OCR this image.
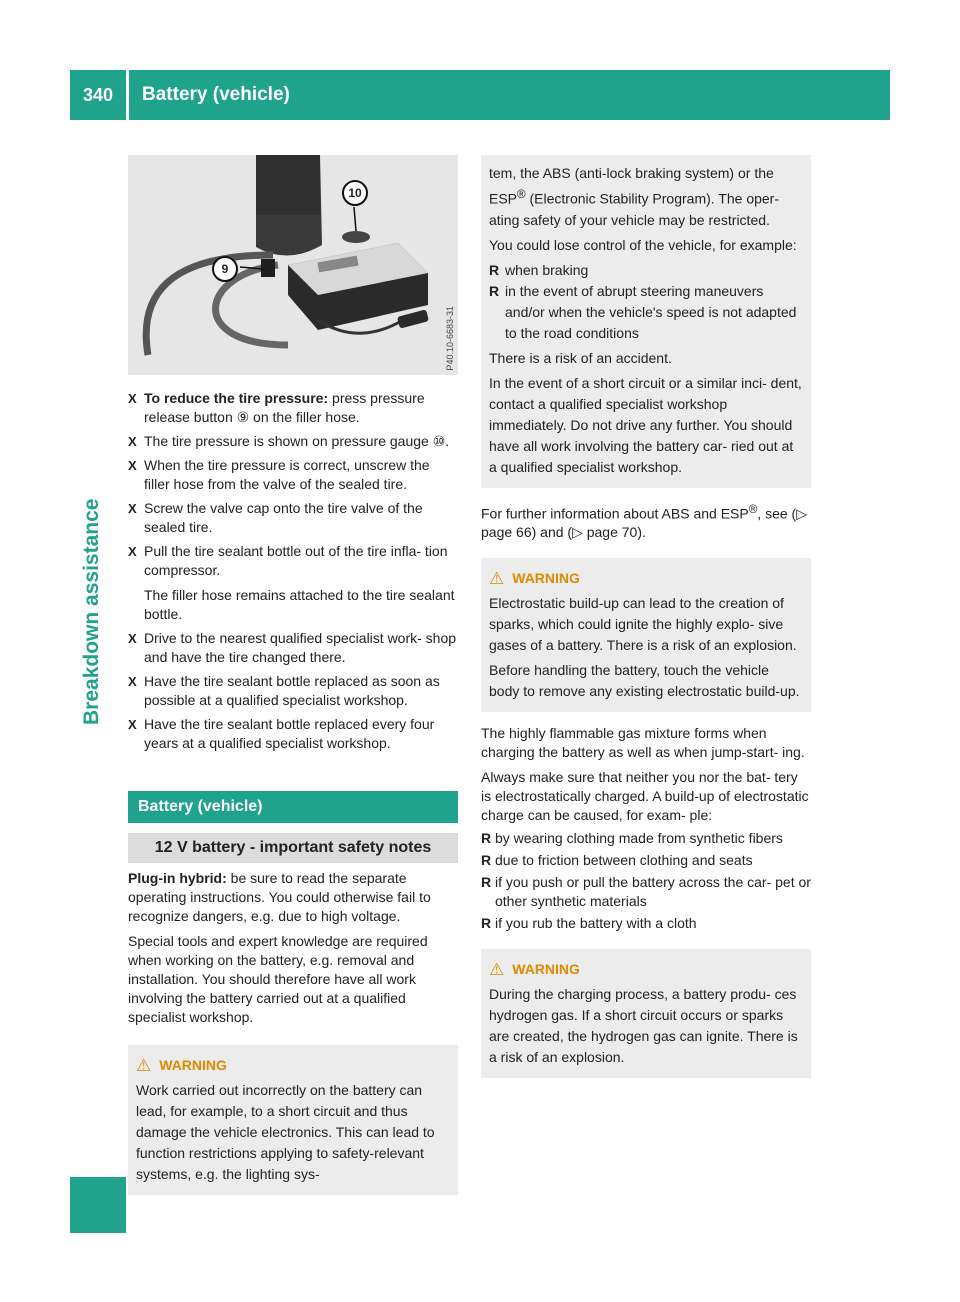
340	Battery (vehicle)
Breakdown assistance
9
10
P40.10-6683-31
X To reduce the tire pressure: press pressure release button ⑨ on the filler hose.
X The tire pressure is shown on pressure gauge ⑩.
X When the tire pressure is correct, unscrew the filler hose from the valve of the sealed tire.
X Screw the valve cap onto the tire valve of the sealed tire.
X Pull the tire sealant bottle out of the tire infla- tion compressor.
The filler hose remains attached to the tire sealant bottle.
X Drive to the nearest qualified specialist work- shop and have the tire changed there.
X Have the tire sealant bottle replaced as soon as possible at a qualified specialist workshop.
X Have the tire sealant bottle replaced every four years at a qualified specialist workshop.
Battery (vehicle)
12 V battery - important safety notes

Plug-in hybrid: be sure to read the separate operating instructions. You could otherwise fail to recognize dangers, e.g. due to high voltage.

Special tools and expert knowledge are required when working on the battery, e.g. removal and installation. You should therefore have all work involving the battery carried out at a qualified specialist workshop.

⚠ WARNING

Work carried out incorrectly on the battery can lead, for example, to a short circuit and thus damage the vehicle electronics. This can lead to function restrictions applying to safety-relevant systems, e.g. the lighting sys-

tem, the ABS (anti-lock braking system) or the ESP® (Electronic Stability Program). The oper- ating safety of your vehicle may be restricted.

You could lose control of the vehicle, for example:

R when braking
R in the event of abrupt steering maneuvers and/or when the vehicle's speed is not adapted to the road conditions

There is a risk of an accident.

In the event of a short circuit or a similar inci- dent, contact a qualified specialist workshop immediately. Do not drive any further. You should have all work involving the battery car- ried out at a qualified specialist workshop.

For further information about ABS and ESP®, see (▷ page 66) and (▷ page 70).

⚠ WARNING

Electrostatic build-up can lead to the creation of sparks, which could ignite the highly explo- sive gases of a battery. There is a risk of an explosion.

Before handling the battery, touch the vehicle body to remove any existing electrostatic build-up.

The highly flammable gas mixture forms when charging the battery as well as when jump-start- ing.

Always make sure that neither you nor the bat- tery is electrostatically charged. A build-up of electrostatic charge can be caused, for exam- ple:

R by wearing clothing made from synthetic fibers
R due to friction between clothing and seats
R if you push or pull the battery across the car- pet or other synthetic materials
R if you rub the battery with a cloth
⚠ WARNING

During the charging process, a battery produ- ces hydrogen gas. If a short circuit occurs or sparks are created, the hydrogen gas can ignite. There is a risk of an explosion.
